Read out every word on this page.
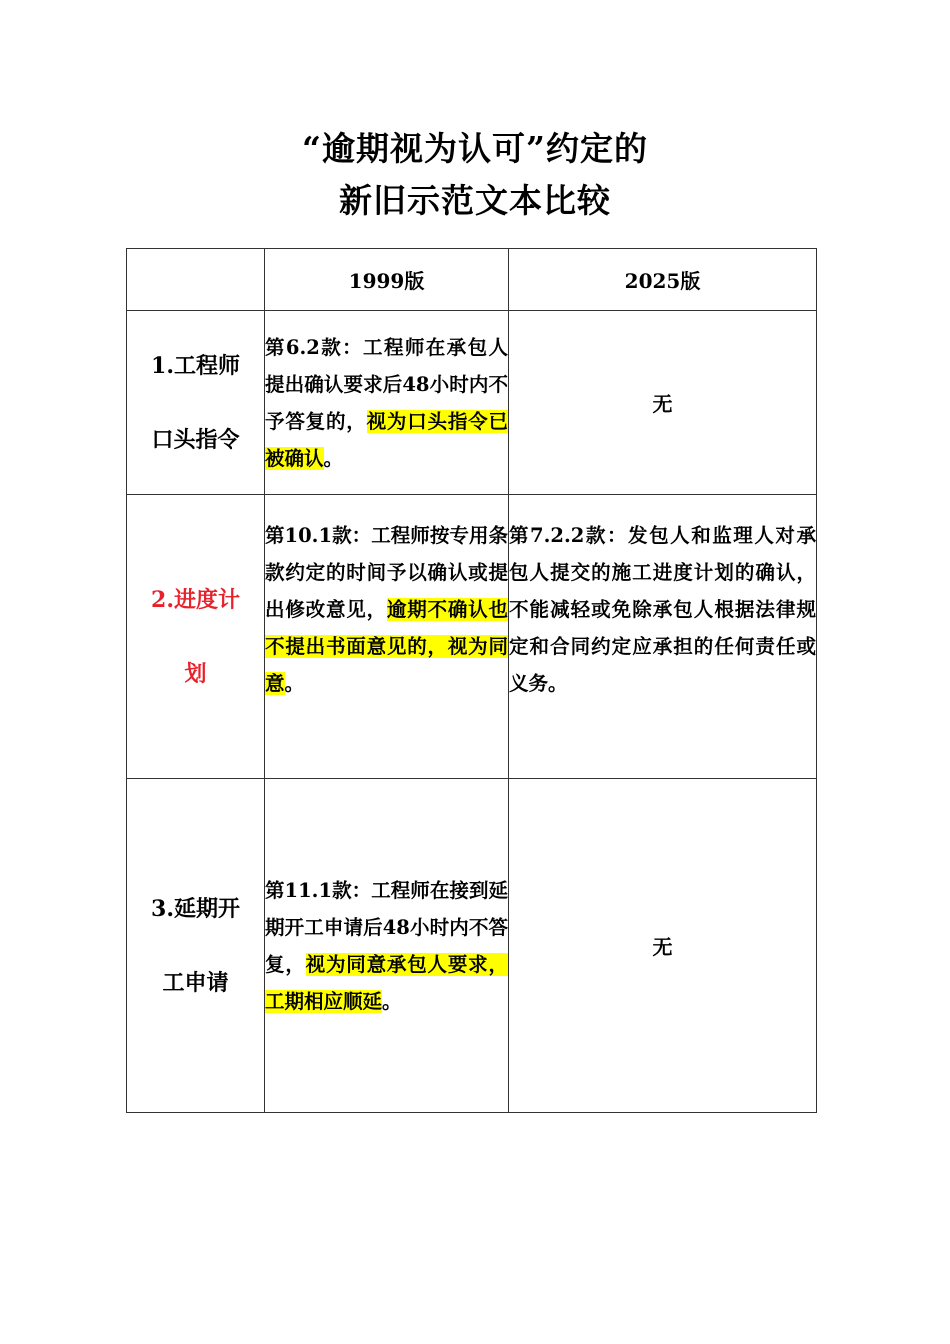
“逾期视为认可”约定的
新旧示范文本比较
	1999版	2025版

1.工程师
口头指令	第6.2款：工程师在承包人提出确认要求后48小时内不予答复的，视为口头指令已被确认。	无

2.进度计
划	第10.1款：工程师按专用条款约定的时间予以确认或提出修改意见，逾期不确认也不提出书面意见的，视为同意。	第7.2.2款：发包人和监理人对承包人提交的施工进度计划的确认，不能减轻或免除承包人根据法律规定和合同约定应承担的任何责任或义务。

3.延期开
工申请	第11.1款：工程师在接到延期开工申请后48小时内不答复，视为同意承包人要求，工期相应顺延。	无
